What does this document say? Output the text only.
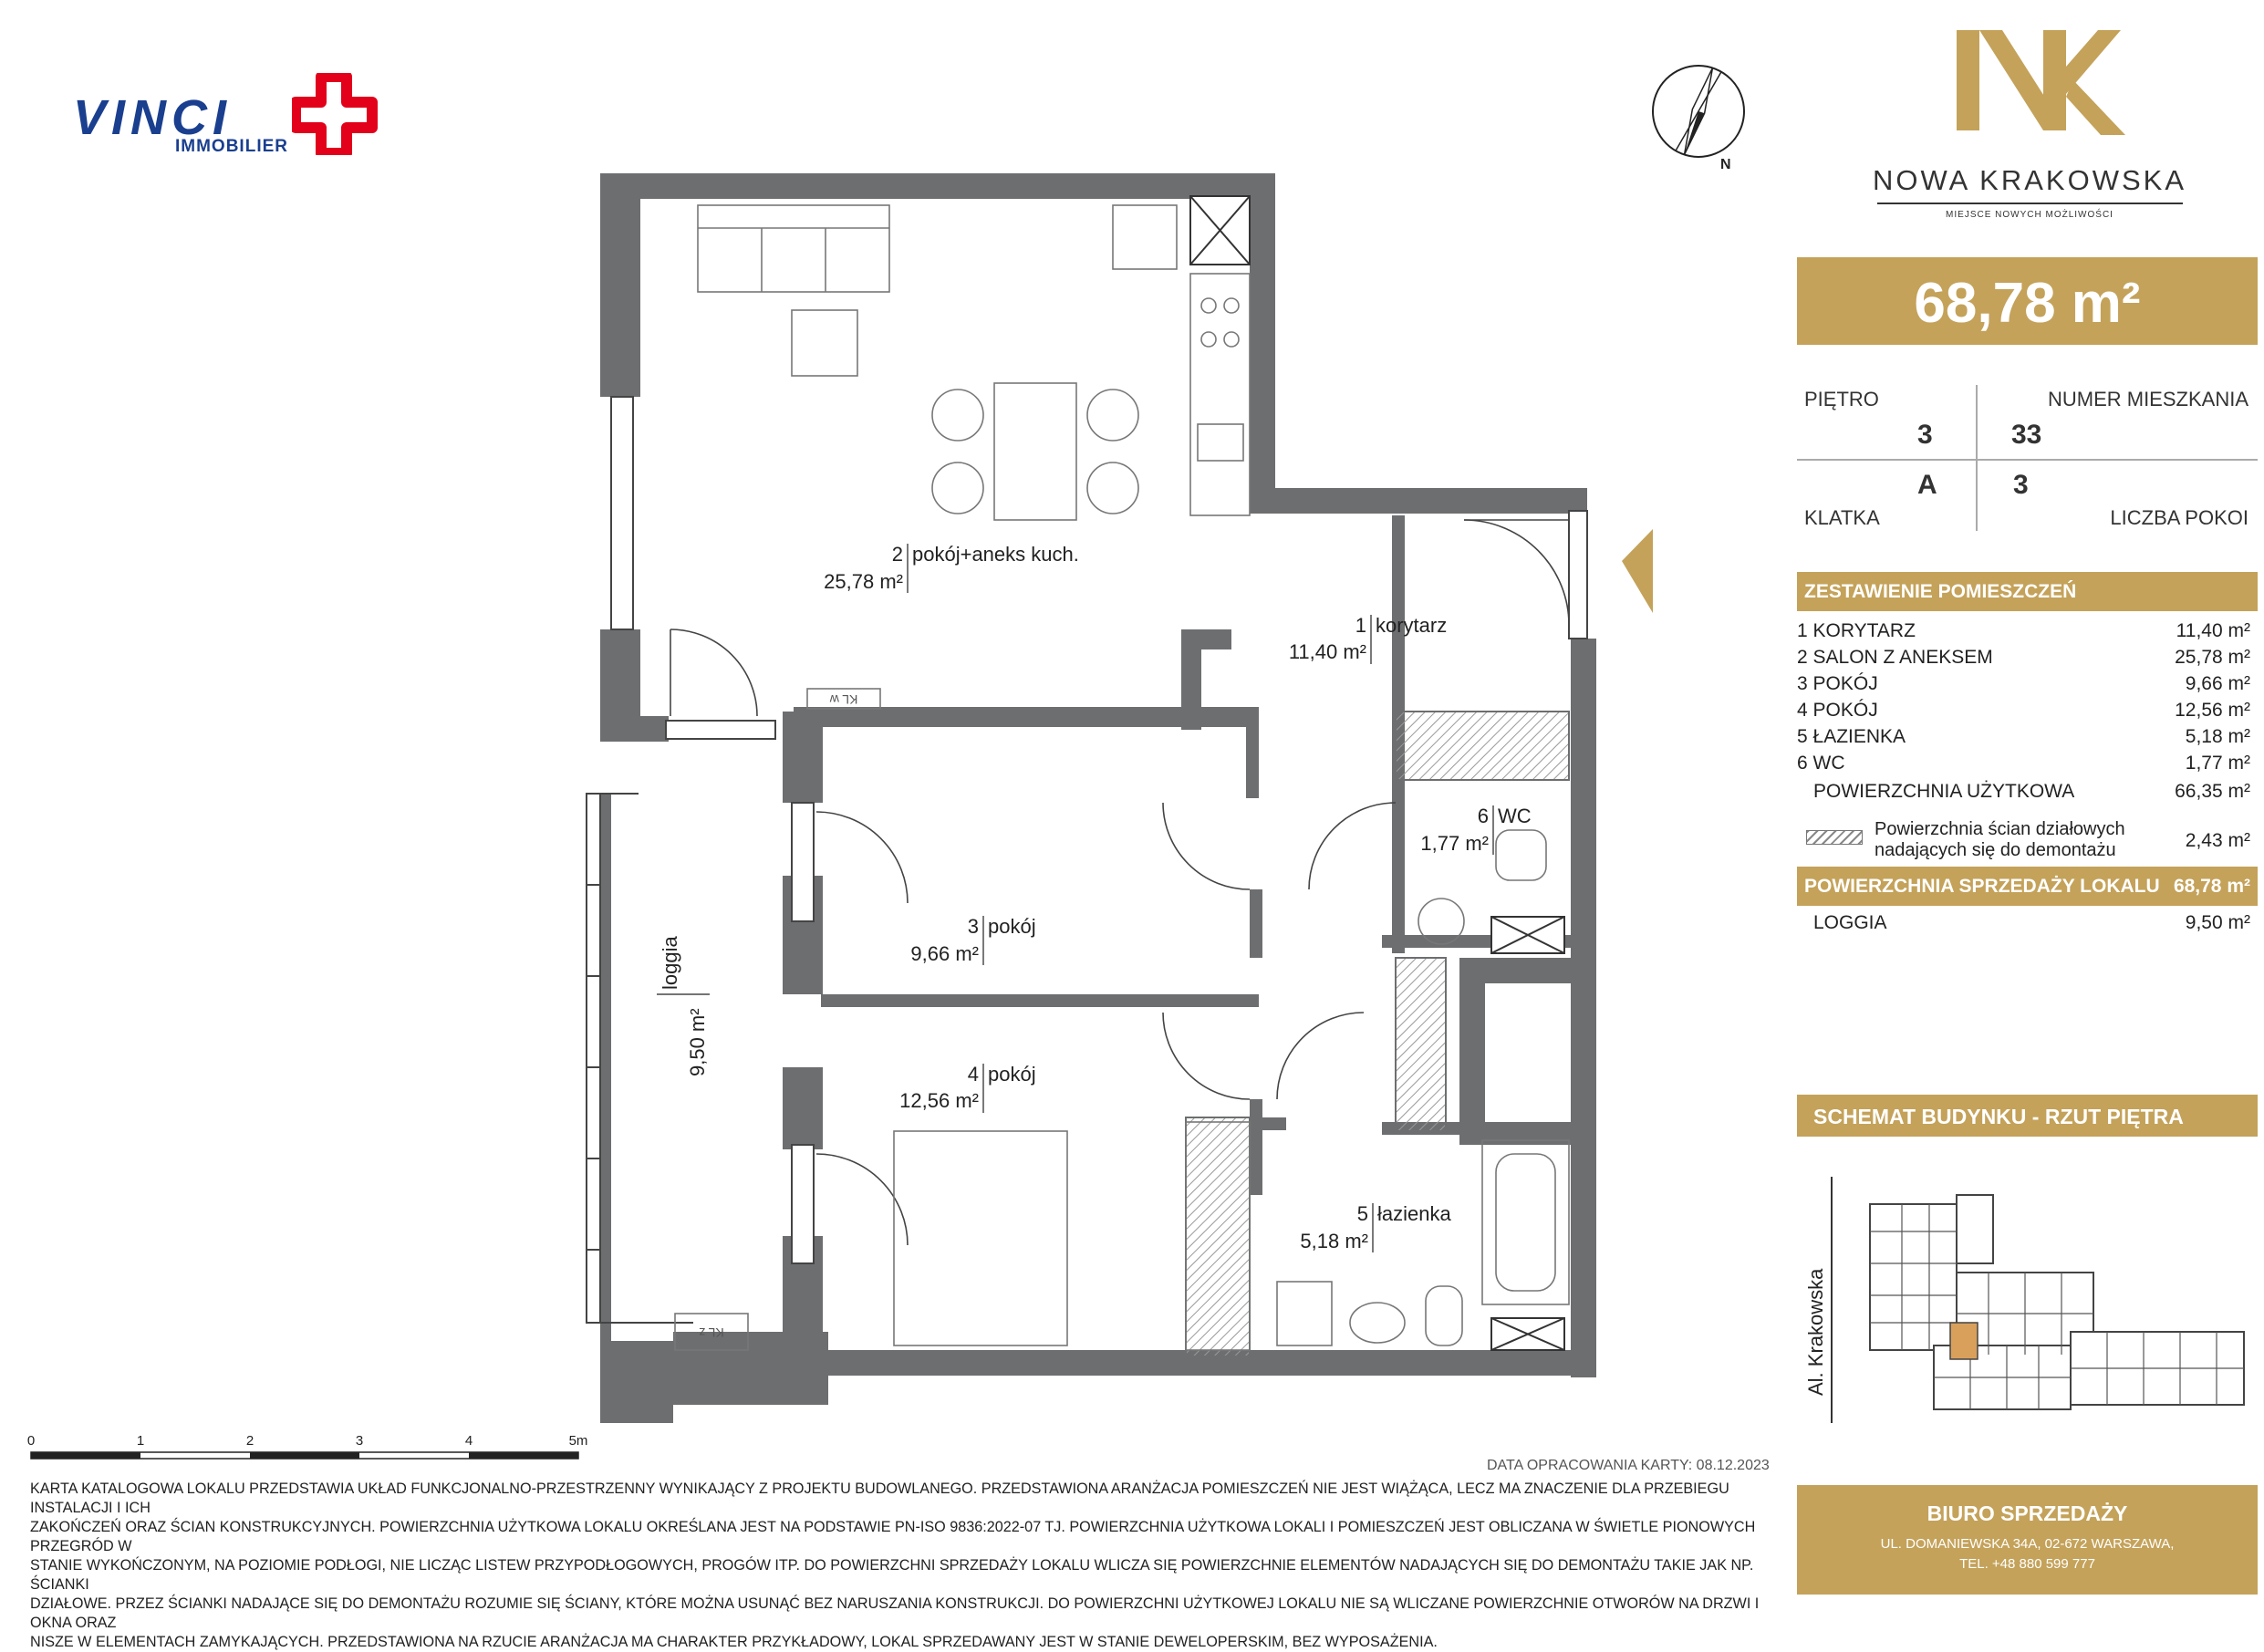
VINCI
IMMOBILIER
NOWA KRAKOWSKA
MIEJSCE NOWYCH MOŻLIWOŚCI
N
68,78 m²
PIĘTRO
3
NUMER MIESZKANIA
33
A	3
KLATKA	LICZBA POKOI
ZESTAWIENIE POMIESZCZEŃ
1 KORYTARZ	11,40 m²
2 SALON Z ANEKSEM	25,78 m²
3 POKÓJ	9,66 m²
4 POKÓJ	12,56 m²
5 ŁAZIENKA	5,18 m²
6 WC	1,77 m²
POWIERZCHNIA UŻYTKOWA	66,35 m²
Powierzchnia ścian działowych
nadających się do demontażu	2,43 m²
POWIERZCHNIA SPRZEDAŻY LOKALU 68,78 m²
LOGGIA	9,50 m²
SCHEMAT BUDYNKU - RZUT PIĘTRA
Al. Krakowska
BIURO SPRZEDAŻY
UL. DOMANIEWSKA 34A, 02-672 WARSZAWA,
TEL. +48 880 599 777
KL w
KL z
2 pokój+aneks kuch.
25,78 m²
1 korytarz
11,40 m²
3 pokój
9,66 m²
4 pokój
12,56 m²
5 łazienka
5,18 m²
6 WC
1,77 m²
loggia
9,50 m²
0	1	2	3	4	5m
DATA OPRACOWANIA KARTY: 08.12.2023
KARTA KATALOGOWA LOKALU PRZEDSTAWIA UKŁAD FUNKCJONALNO-PRZESTRZENNY WYNIKAJĄCY Z PROJEKTU BUDOWLANEGO. PRZEDSTAWIONA ARANŻACJA POMIESZCZEŃ NIE JEST WIĄŻĄCA, LECZ MA ZNACZENIE DLA PRZEBIEGU INSTALACJI I ICH
ZAKOŃCZEŃ ORAZ ŚCIAN KONSTRUKCYJNYCH. POWIERZCHNIA UŻYTKOWA LOKALU OKREŚLANA JEST NA PODSTAWIE PN-ISO 9836:2022-07 TJ. POWIERZCHNIA UŻYTKOWA LOKALI I POMIESZCZEŃ JEST OBLICZANA W ŚWIETLE PIONOWYCH PRZEGRÓD W
STANIE WYKOŃCZONYM, NA POZIOMIE PODŁOGI, NIE LICZĄC LISTEW PRZYPODŁOGOWYCH, PROGÓW ITP. DO POWIERZCHNI SPRZEDAŻY LOKALU WLICZA SIĘ POWIERZCHNIE ELEMENTÓW NADAJĄCYCH SIĘ DO DEMONTAŻU TAKIE JAK NP. ŚCIANKI
DZIAŁOWE. PRZEZ ŚCIANKI NADAJĄCE SIĘ DO DEMONTAŻU ROZUMIE SIĘ ŚCIANY, KTÓRE MOŻNA USUNĄĆ BEZ NARUSZANIA KONSTRUKCJI. DO POWIERZCHNI UŻYTKOWEJ LOKALU NIE SĄ WLICZANE POWIERZCHNIE OTWORÓW NA DRZWI I OKNA ORAZ
NISZE W ELEMENTACH ZAMYKAJĄCYCH. PRZEDSTAWIONA NA RZUCIE ARANŻACJA MA CHARAKTER PRZYKŁADOWY, LOKAL SPRZEDAWANY JEST W STANIE DEWELOPERSKIM, BEZ WYPOSAŻENIA.
